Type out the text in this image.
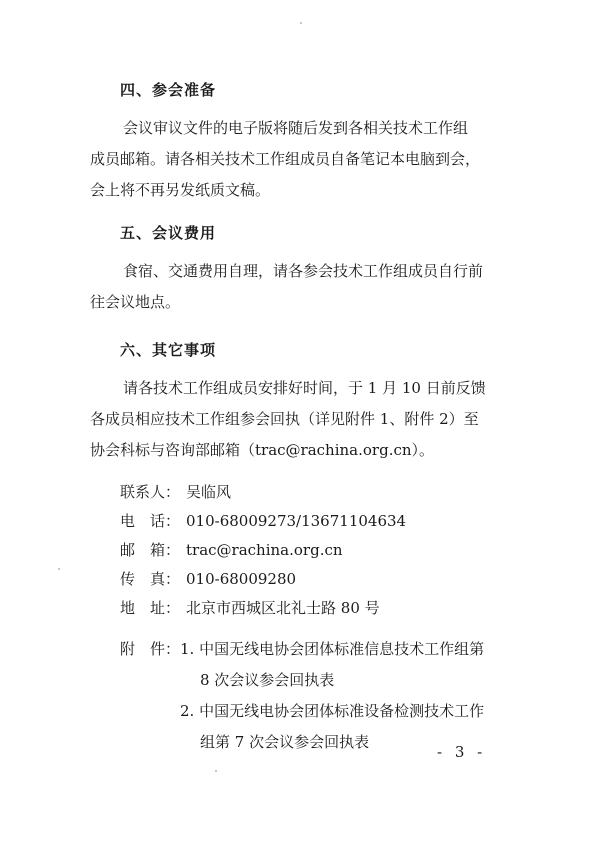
四、参会准备
会议审议文件的电子版将随后发到各相关技术工作组
成员邮箱。请各相关技术工作组成员自备笔记本电脑到会，
会上将不再另发纸质文稿。
五、会议费用
食宿、交通费用自理，请各参会技术工作组成员自行前
往会议地点。
六、其它事项
请各技术工作组成员安排好时间，于 1 月 10 日前反馈
各成员相应技术工作组参会回执（详见附件 1、附件 2）至
协会科标与咨询部邮箱（trac@rachina.org.cn）。
联系人： 吴临风
电　话： 010-68009273/13671104634
邮　箱： trac@rachina.org.cn
传　真： 010-68009280
地　址： 北京市西城区北礼士路 80 号
附　件： 1. 中国无线电协会团体标准信息技术工作组第
8 次会议参会回执表
2. 中国无线电协会团体标准设备检测技术工作
组第 7 次会议参会回执表
- 3 -
